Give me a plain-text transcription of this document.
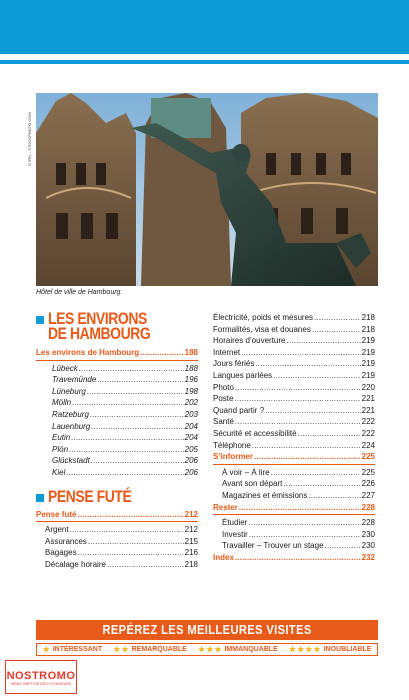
© IRH – STOCKPHOTO.COM
Hôtel de ville de Hambourg.
LES ENVIRONS
DE HAMBOURG
Les environs de Hambourg .....	188
Lübeck .....	188
Travemünde .....	196
Lüneburg .....	198
Mölln .....	202
Ratzeburg .....	203
Lauenburg .....	204
Eutin .....	204
Plön .....	205
Glückstadt .....	206
Kiel .....	206
PENSE FUTÉ
Pense futé .....	212
Argent .....	212
Assurances .....	215
Bagages .....	216
Décalage horaire .....	218
Électricité, poids et mesures .....	218
Formalités, visa et douanes .....	218
Horaires d’ouverture .....	219
Internet .....	219
Jours fériés .....	219
Langues parlées .....	219
Photo .....	220
Poste .....	221
Quand partir ? .....	221
Santé .....	222
Sécurité et accessibilité .....	222
Téléphone .....	224
S’informer .....	225
À voir – À lire .....	225
Avant son départ .....	226
Magazines et émissions .....	227
Rester .....	228
Étudier .....	228
Investir .....	230
Travailler – Trouver un stage .....	230
Index .....	232
REPÉREZ LES MEILLEURES VISITES
★ INTÉRESSANT ★ ★ REMARQUABLE ★ ★ ★ IMMANQUABLE ★ ★ ★ ★ INOUBLIABLE
NOSTROMO
WEB COMPTOIR DES VOYAGEURS
